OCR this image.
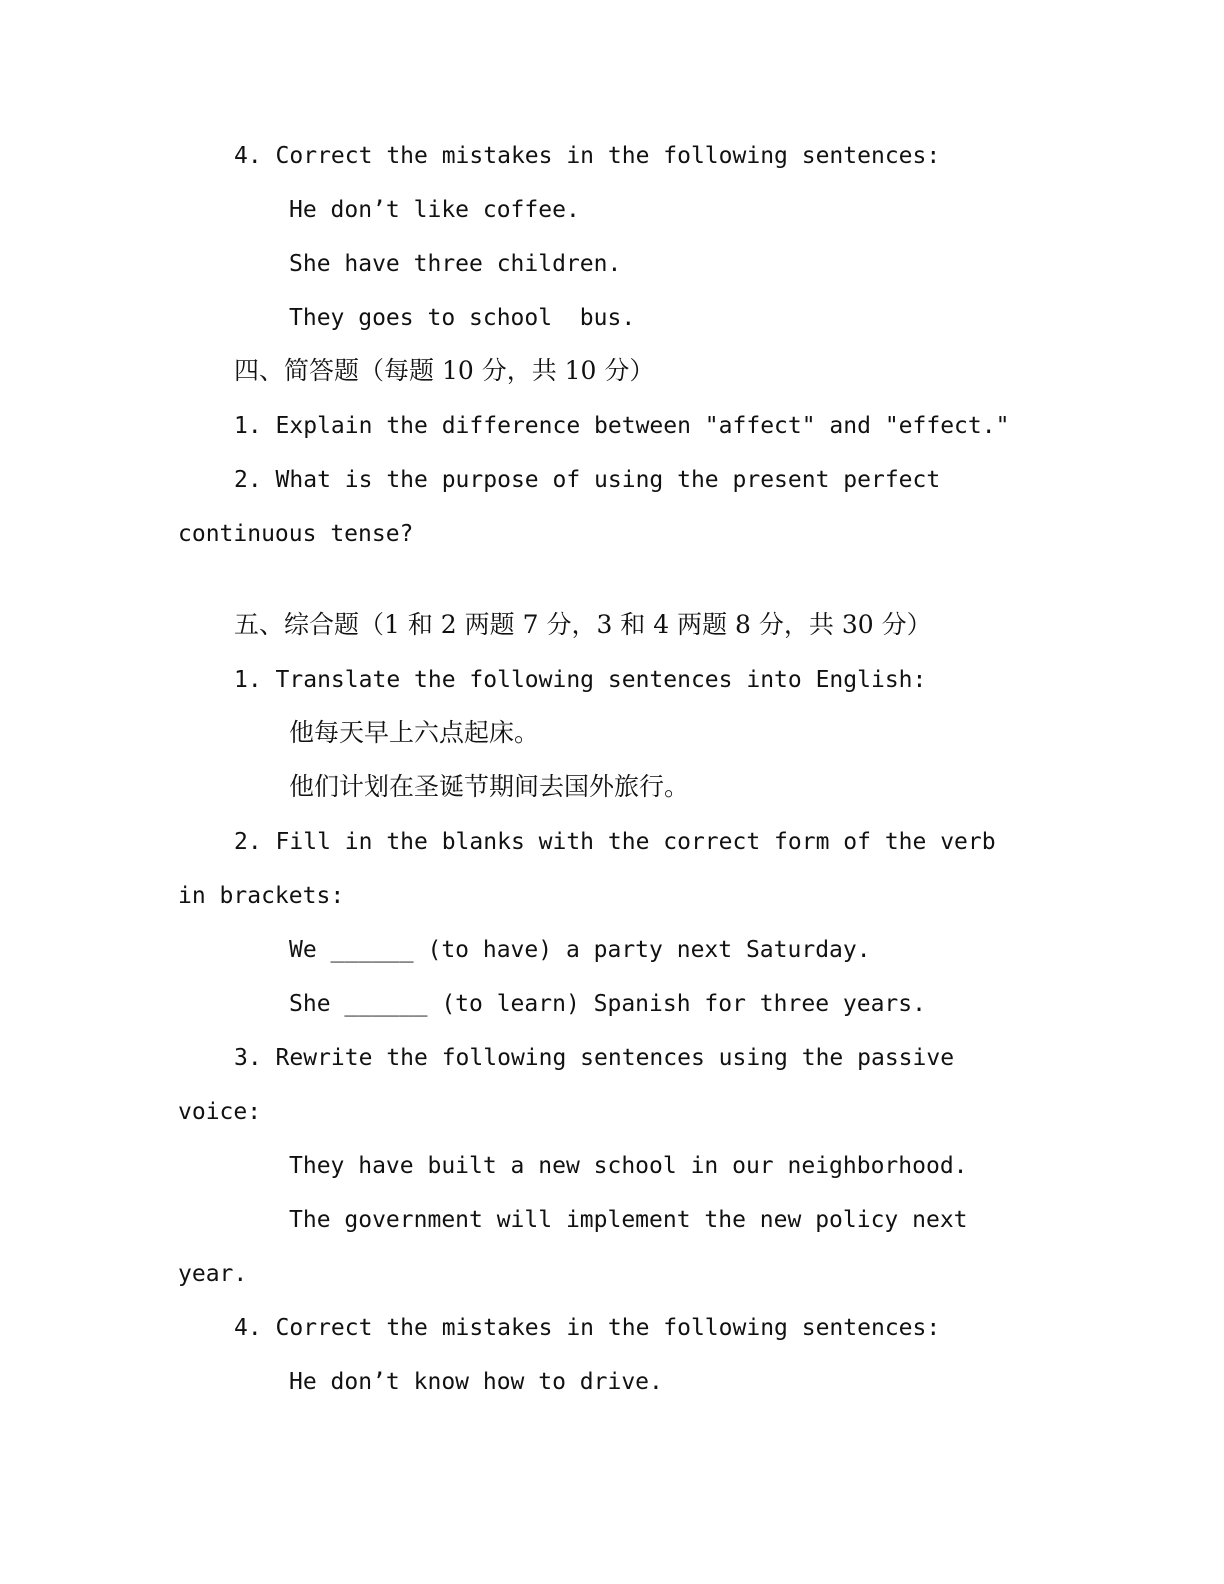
4. Correct the mistakes in the following sentences:

He don’t like coffee.

She have three children.

They goes to school  bus.

四、简答题（每题 10 分，共 10 分）

1. Explain the difference between "affect" and "effect."

2. What is the purpose of using the present perfect

continuous tense?

五、综合题（1 和 2 两题 7 分，3 和 4 两题 8 分，共 30 分）

1. Translate the following sentences into English:

他每天早上六点起床。

他们计划在圣诞节期间去国外旅行。

2. Fill in the blanks with the correct form of the verb

in brackets:

We ______ (to have) a party next Saturday.

She ______ (to learn) Spanish for three years.

3. Rewrite the following sentences using the passive

voice:

They have built a new school in our neighborhood.

The government will implement the new policy next

year.

4. Correct the mistakes in the following sentences:

He don’t know how to drive.
